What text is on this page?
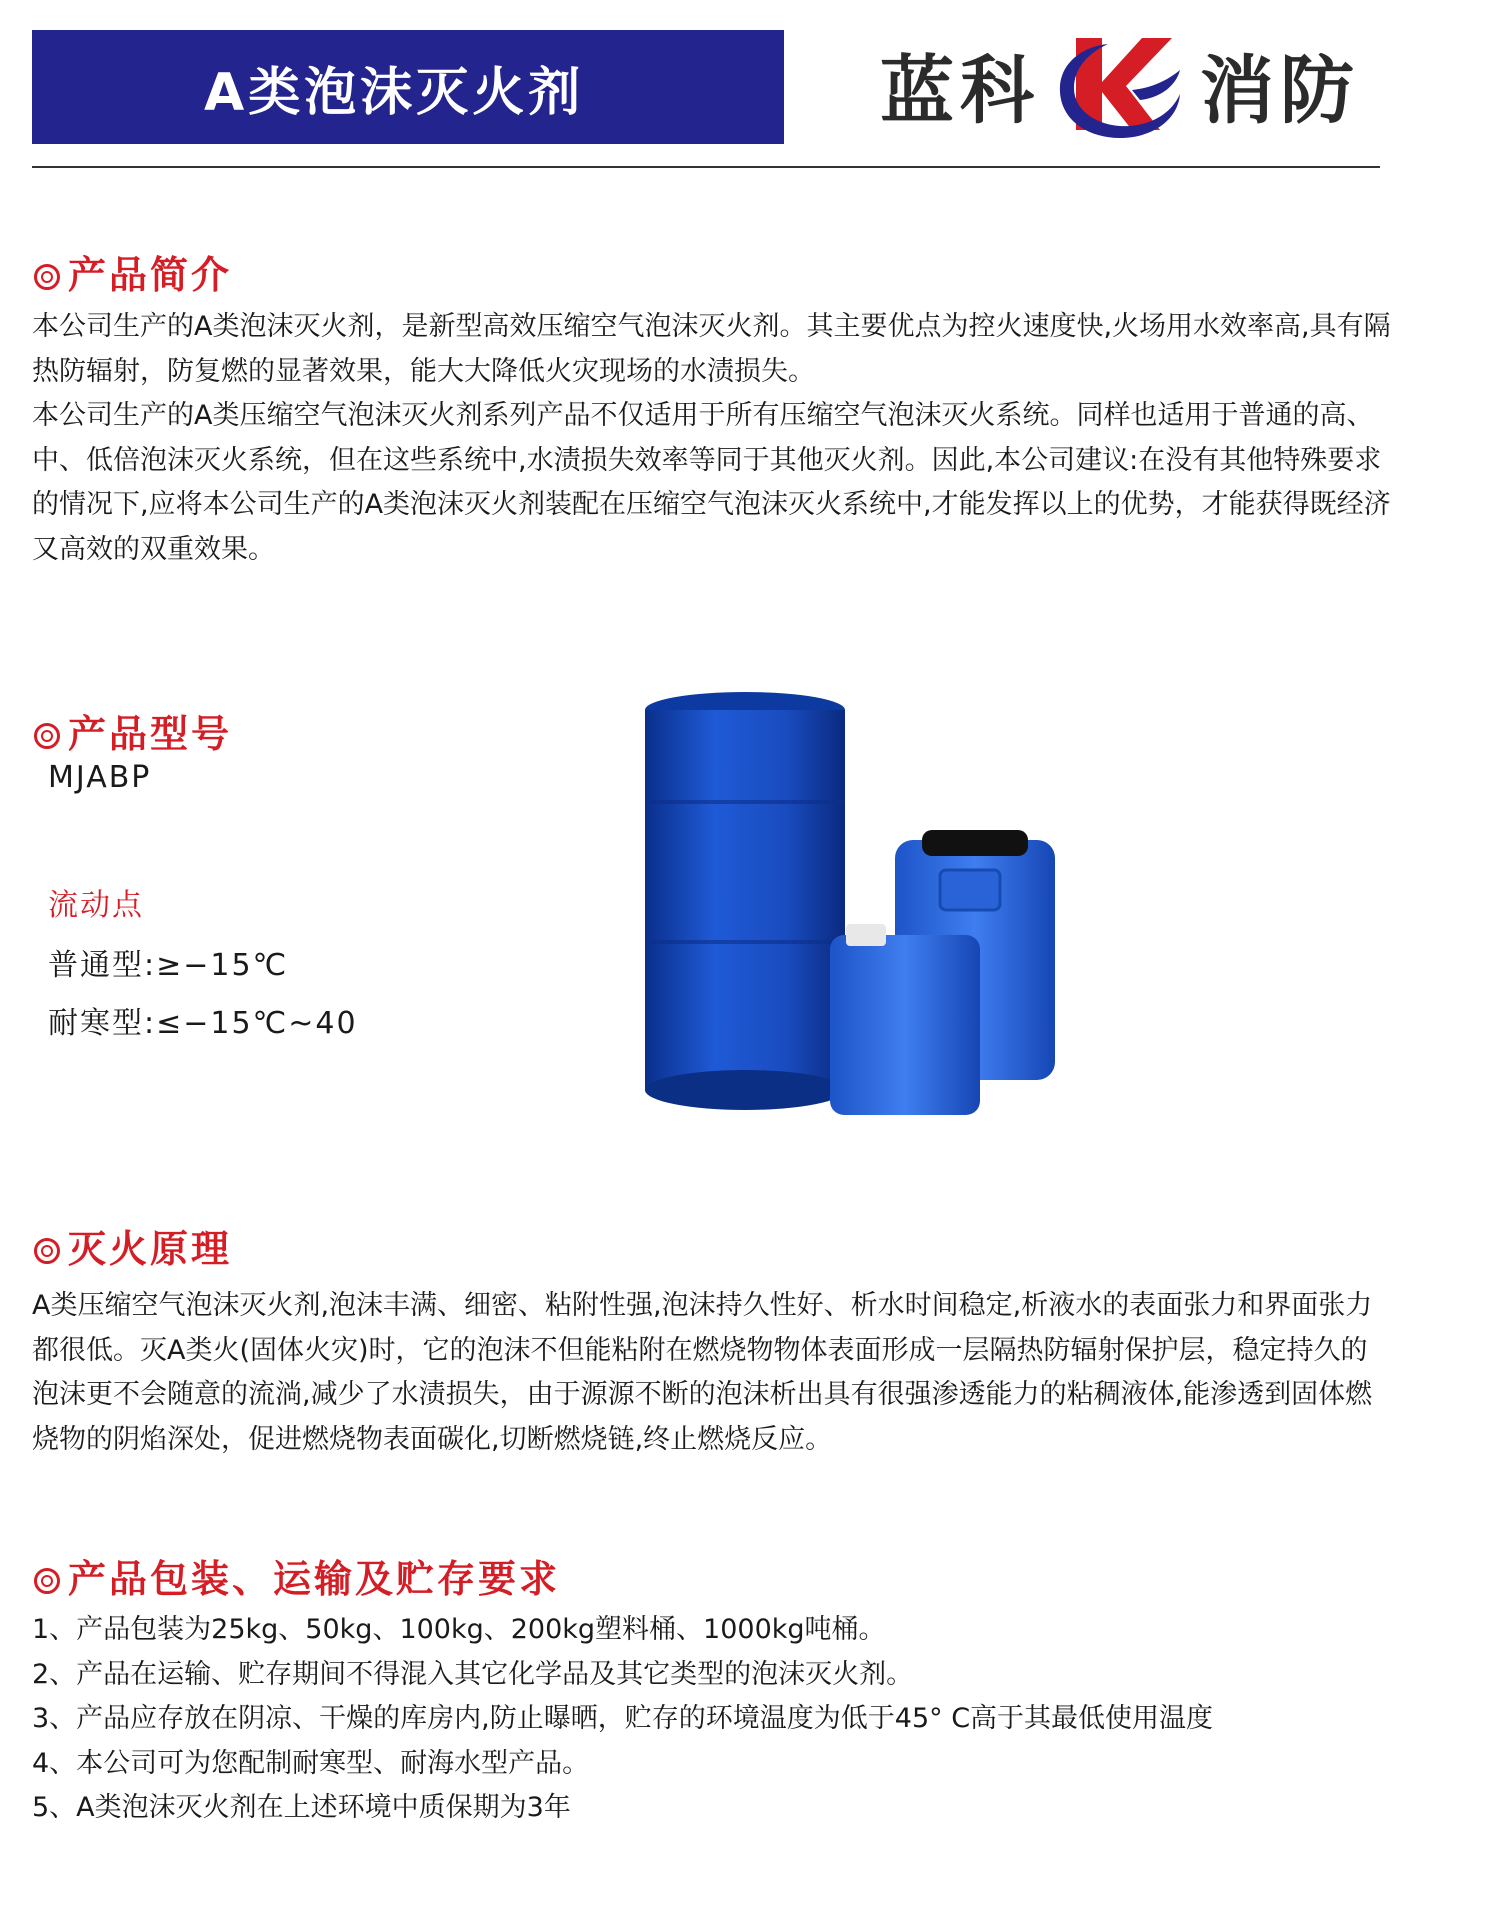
A类泡沫灭火剂	蓝科 消防
产品简介

本公司生产的A类泡沫灭火剂，是新型高效压缩空气泡沫灭火剂。其主要优点为控火速度快,火场用水效率高,具有隔热防辐射，防复燃的显著效果，能大大降低火灾现场的水渍损失。

本公司生产的A类压缩空气泡沫灭火剂系列产品不仅适用于所有压缩空气泡沫灭火系统。同样也适用于普通的高、中、低倍泡沫灭火系统，但在这些系统中,水渍损失效率等同于其他灭火剂。因此,本公司建议:在没有其他特殊要求的情况下,应将本公司生产的A类泡沫灭火剂装配在压缩空气泡沫灭火系统中,才能发挥以上的优势，才能获得既经济又高效的双重效果。

产品型号
MJABP
流动点
普通型:≥−15℃
耐寒型:≤−15℃~40
灭火原理

A类压缩空气泡沫灭火剂,泡沫丰满、细密、粘附性强,泡沫持久性好、析水时间稳定,析液水的表面张力和界面张力都很低。灭A类火(固体火灾)时，它的泡沫不但能粘附在燃烧物物体表面形成一层隔热防辐射保护层，稳定持久的泡沫更不会随意的流淌,减少了水渍损失，由于源源不断的泡沫析出具有很强渗透能力的粘稠液体,能渗透到固体燃烧物的阴焰深处，促进燃烧物表面碳化,切断燃烧链,终止燃烧反应。

产品包装、运输及贮存要求
1、产品包装为25kg、50kg、100kg、200kg塑料桶、1000kg吨桶。
2、产品在运输、贮存期间不得混入其它化学品及其它类型的泡沫灭火剂。
3、产品应存放在阴凉、干燥的库房内,防止曝晒，贮存的环境温度为低于45° C高于其最低使用温度
4、本公司可为您配制耐寒型、耐海水型产品。
5、A类泡沫灭火剂在上述环境中质保期为3年
